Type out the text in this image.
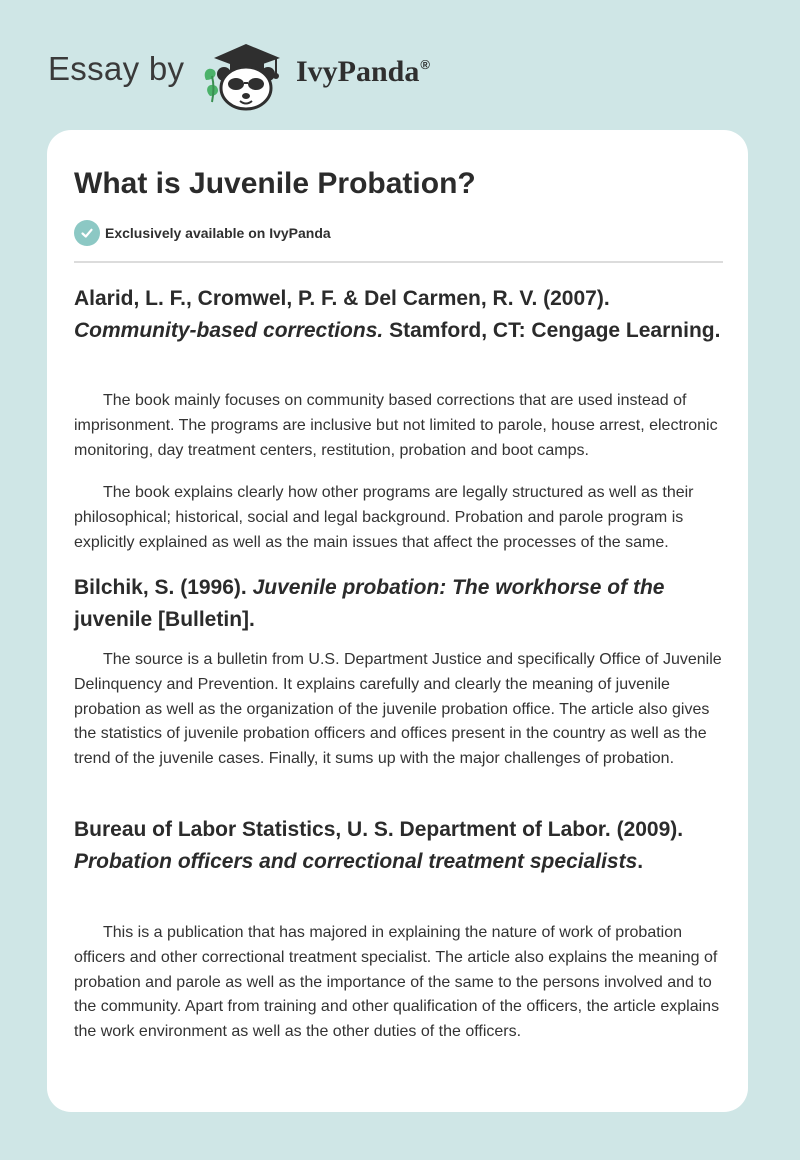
Essay by	IvyPanda®
What is Juvenile Probation?
Exclusively available on IvyPanda

Alarid, L. F., Cromwel, P. F. & Del Carmen, R. V. (2007). Community-based corrections. Stamford, CT: Cengage Learning.

The book mainly focuses on community based corrections that are used instead of imprisonment. The programs are inclusive but not limited to parole, house arrest, electronic monitoring, day treatment centers, restitution, probation and boot camps.

The book explains clearly how other programs are legally structured as well as their philosophical; historical, social and legal background. Probation and parole program is explicitly explained as well as the main issues that affect the processes of the same.

Bilchik, S. (1996). Juvenile probation: The workhorse of the juvenile [Bulletin].

The source is a bulletin from U.S. Department Justice and specifically Office of Juvenile Delinquency and Prevention. It explains carefully and clearly the meaning of juvenile probation as well as the organization of the juvenile probation office. The article also gives the statistics of juvenile probation officers and offices present in the country as well as the trend of the juvenile cases. Finally, it sums up with the major challenges of probation.

Bureau of Labor Statistics, U. S. Department of Labor. (2009). Probation officers and correctional treatment specialists.

This is a publication that has majored in explaining the nature of work of probation officers and other correctional treatment specialist. The article also explains the meaning of probation and parole as well as the importance of the same to the persons involved and to the community. Apart from training and other qualification of the officers, the article explains the work environment as well as the other duties of the officers.
